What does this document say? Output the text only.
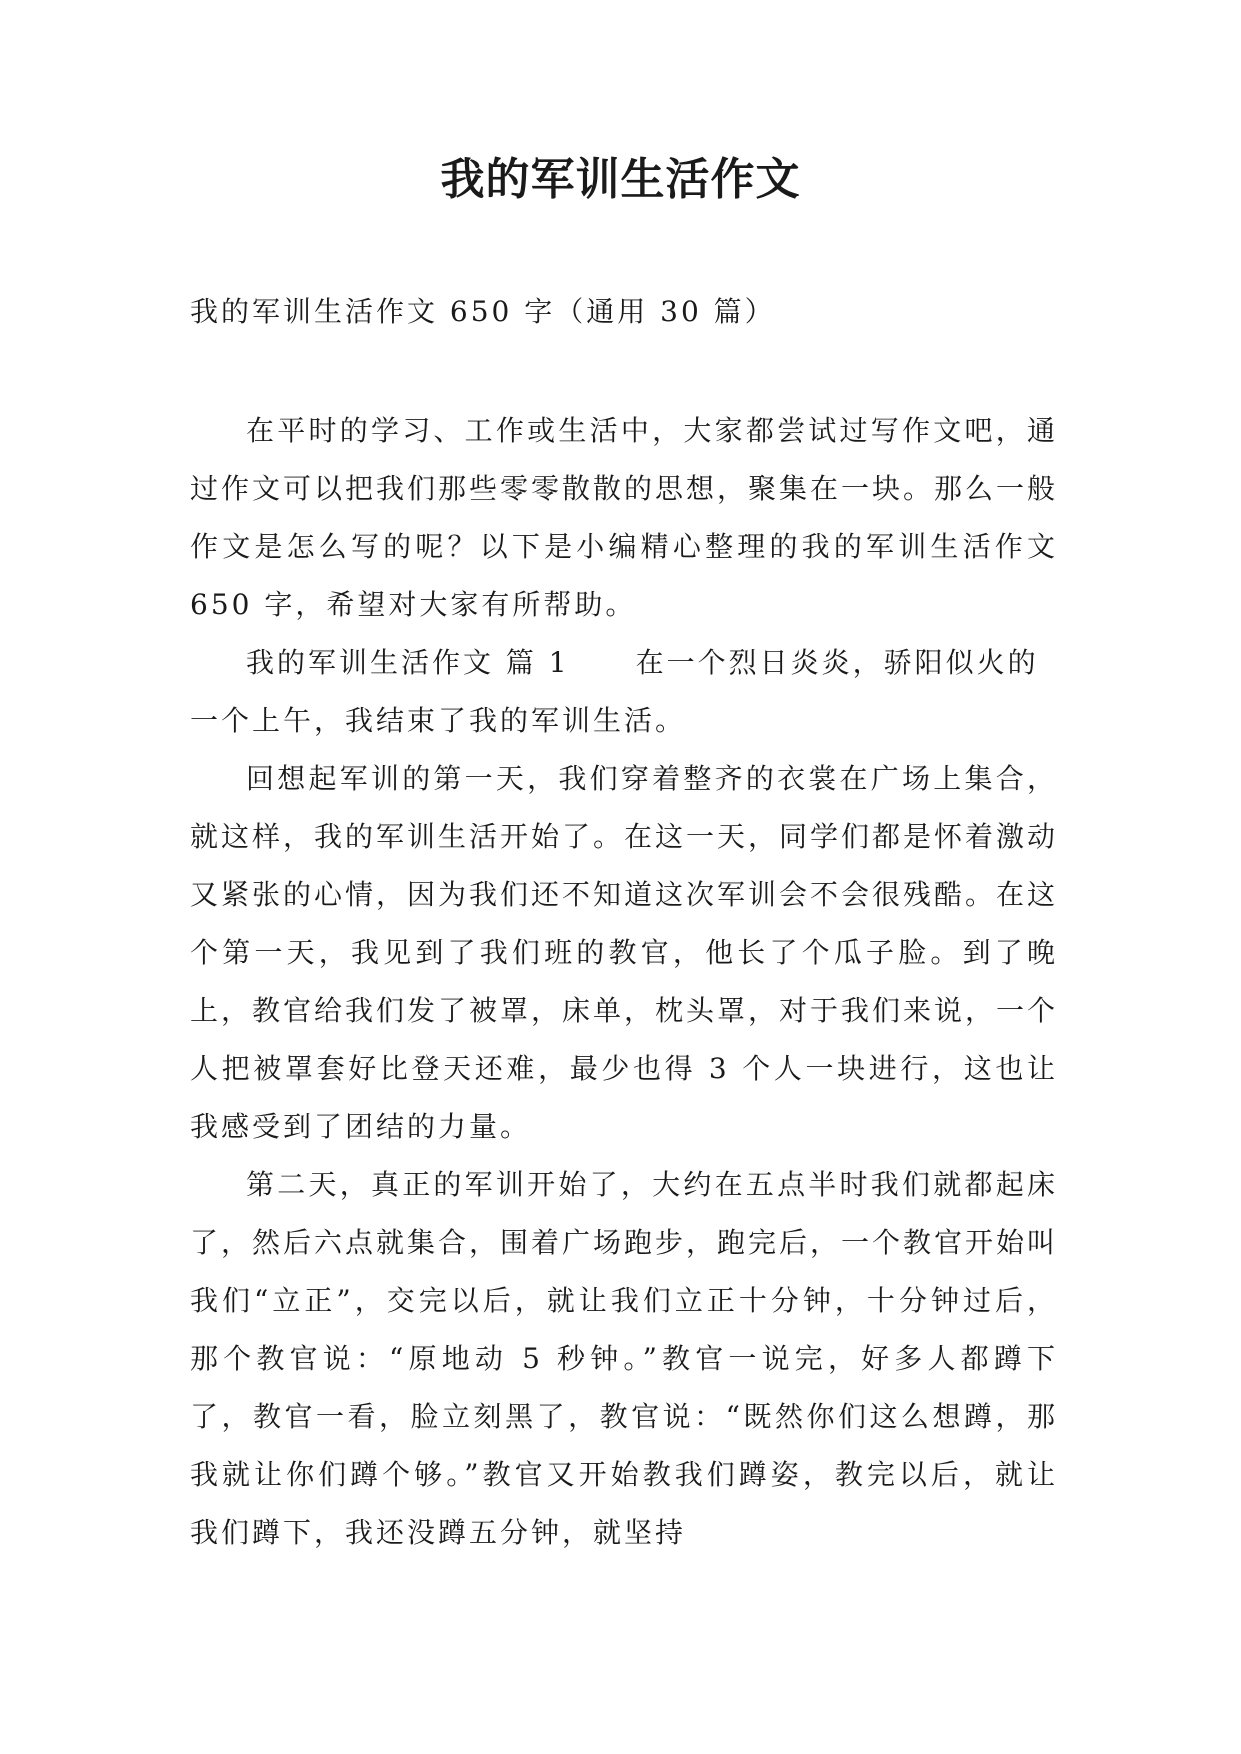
我的军训生活作文

我的军训生活作文 650 字（通用 30 篇）

在平时的学习、工作或生活中，大家都尝试过写作文吧，通过作文可以把我们那些零零散散的思想，聚集在一块。那么一般作文是怎么写的呢？以下是小编精心整理的我的军训生活作文 650 字，希望对大家有所帮助。

我的军训生活作文 篇 1 在一个烈日炎炎，骄阳似火的一个上午，我结束了我的军训生活。

回想起军训的第一天，我们穿着整齐的衣裳在广场上集合，就这样，我的军训生活开始了。在这一天，同学们都是怀着激动又紧张的心情，因为我们还不知道这次军训会不会很残酷。在这个第一天，我见到了我们班的教官，他长了个瓜子脸。到了晚上，教官给我们发了被罩，床单，枕头罩，对于我们来说，一个人把被罩套好比登天还难，最少也得 3 个人一块进行，这也让我感受到了团结的力量。

第二天，真正的军训开始了，大约在五点半时我们就都起床了，然后六点就集合，围着广场跑步，跑完后，一个教官开始叫我们“立正”，交完以后，就让我们立正十分钟，十分钟过后，那个教官说：“原地动 5 秒钟。”教官一说完，好多人都蹲下了，教官一看，脸立刻黑了，教官说：“既然你们这么想蹲，那我就让你们蹲个够。”教官又开始教我们蹲姿，教完以后，就让我们蹲下，我还没蹲五分钟，就坚持
